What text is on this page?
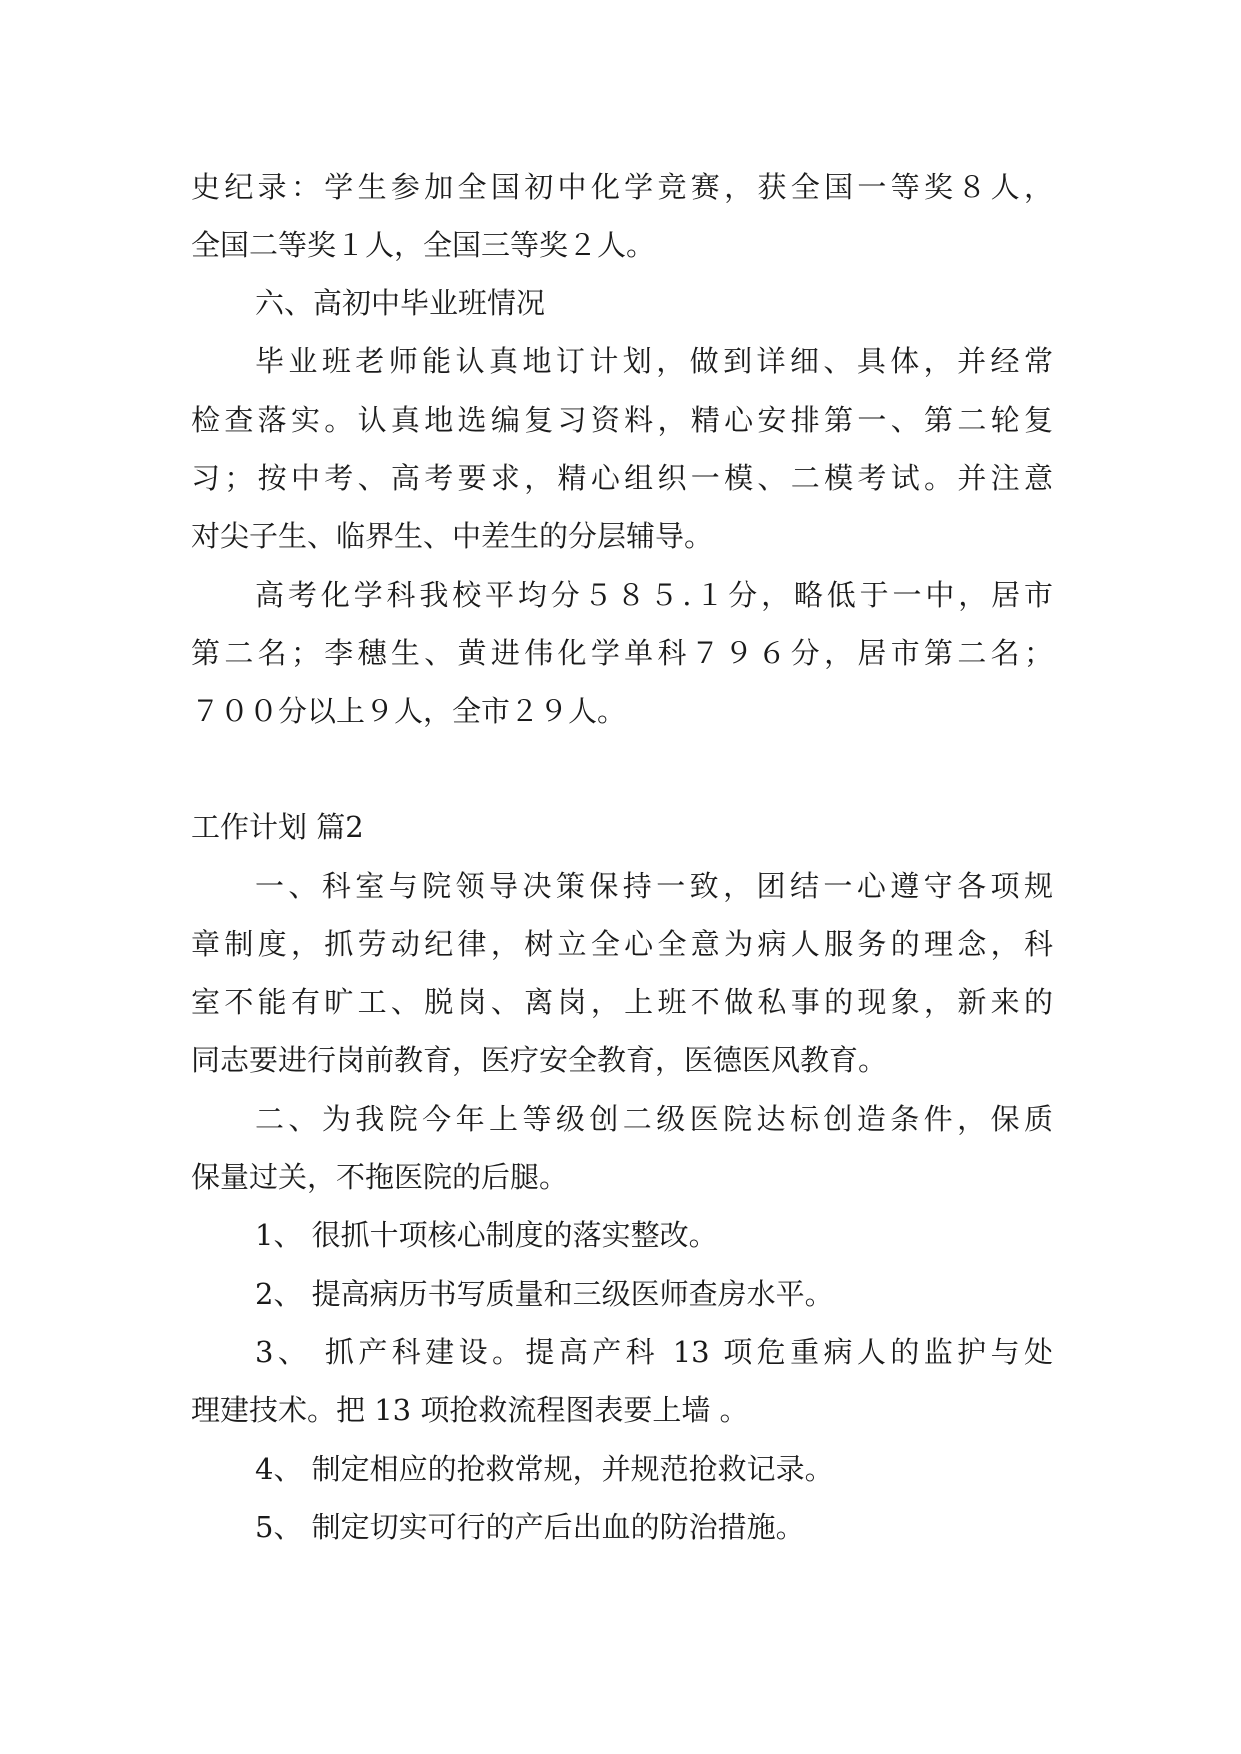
史纪录：学生参加全国初中化学竞赛，获全国一等奖８人，

全国二等奖１人，全国三等奖２人。

六、高初中毕业班情况

毕业班老师能认真地订计划，做到详细、具体，并经常

检查落实。认真地选编复习资料，精心安排第一、第二轮复

习；按中考、高考要求，精心组织一模、二模考试。并注意

对尖子生、临界生、中差生的分层辅导。

高考化学科我校平均分５８５.１分，略低于一中，居市

第二名；李穗生、黄进伟化学单科７９６分，居市第二名；

７００分以上９人，全市２９人。

工作计划 篇2

一、科室与院领导决策保持一致，团结一心遵守各项规

章制度，抓劳动纪律，树立全心全意为病人服务的理念，科

室不能有旷工、脱岗、离岗，上班不做私事的现象，新来的

同志要进行岗前教育，医疗安全教育，医德医风教育。

二、为我院今年上等级创二级医院达标创造条件，保质

保量过关，不拖医院的后腿。

1、 很抓十项核心制度的落实整改。

2、 提高病历书写质量和三级医师查房水平。

3、 抓产科建设。提高产科 13 项危重病人的监护与处

理建技术。把 13 项抢救流程图表要上墙 。

4、 制定相应的抢救常规，并规范抢救记录。

5、 制定切实可行的产后出血的防治措施。
